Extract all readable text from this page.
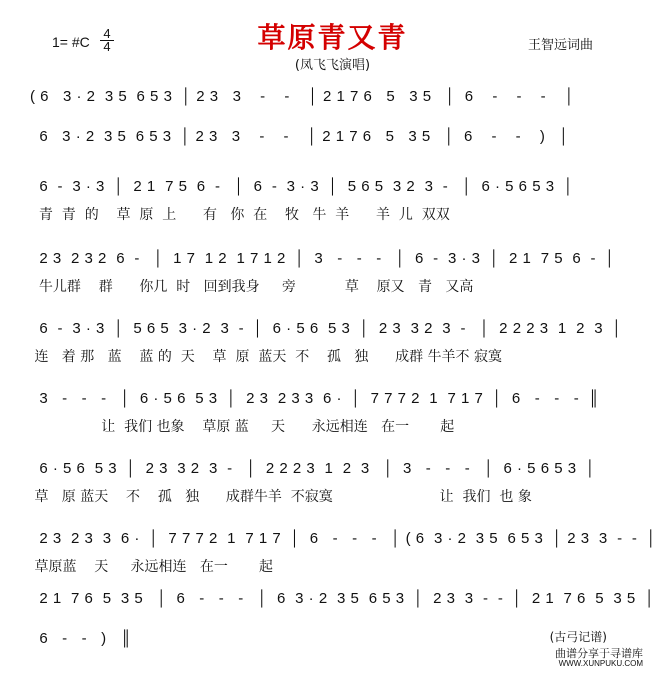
草原青又青
(凤飞飞演唱)
1= #C
4
4	王智远词曲
( 6   3 · 2  3 5  6 5 3  │ 2 3   3    -    -    │ 2 1 7 6   5   3 5   │  6    -    -    -    │
6   3 · 2  3 5  6 5 3  │ 2 3   3    -    -    │ 2 1 7 6   5   3 5   │  6    -    -    )   │
6  -  3 · 3  │  2 1  7 5  6  -   │  6  -  3 · 3  │  5 6 5  3 2  3  -   │  6 · 5 6 5 3  │
青  青  的    草  原  上      有   你  在    牧   牛  羊      羊  儿  双双
2 3  2 3 2  6  -   │  1 7  1 2  1 7 1 2  │  3   -   -   -   │  6  -  3 · 3  │  2 1  7 5  6  -  │
牛儿群    群      你几  时   回到我身     旁           草    原又   青   又高
6  -  3 · 3  │  5 6 5  3 · 2  3  -  │  6 · 5 6  5 3  │  2 3  3 2  3  -   │  2 2 2 3  1  2  3  │
连   着 那   蓝    蓝 的  天    草  原  蓝天  不    孤   独      成群 牛羊不 寂寞
3   -   -   -   │  6 · 5 6  5 3  │  2 3  2 3 3  6 ·  │  7 7 7 2  1  7 1 7  │  6   -   -   -  ║
让  我们 也象    草原 蓝     天      永远相连   在一       起
6 · 5 6  5 3  │  2 3  3 2  3  -   │  2 2 2 3  1  2  3   │  3   -   -   -   │  6 · 5 6 5 3  │
草   原 蓝天    不    孤   独      成群牛羊  不寂寞                        让  我们  也 象
2 3  2 3  3  6 ·  │  7 7 7 2  1  7 1 7  │  6   -   -   -   │ ( 6  3 · 2  3 5  6 5 3  │ 2 3  3  -  -  │
草原蓝    天     永远相连   在一       起
2 1  7 6  5  3 5   │  6   -   -   -   │  6  3 · 2  3 5  6 5 3  │  2 3  3  -  -  │  2 1  7 6  5  3 5  │
6   -   -   )   ║	(古弓记谱)
曲谱分享于寻谱库
WWW.XUNPUKU.COM
